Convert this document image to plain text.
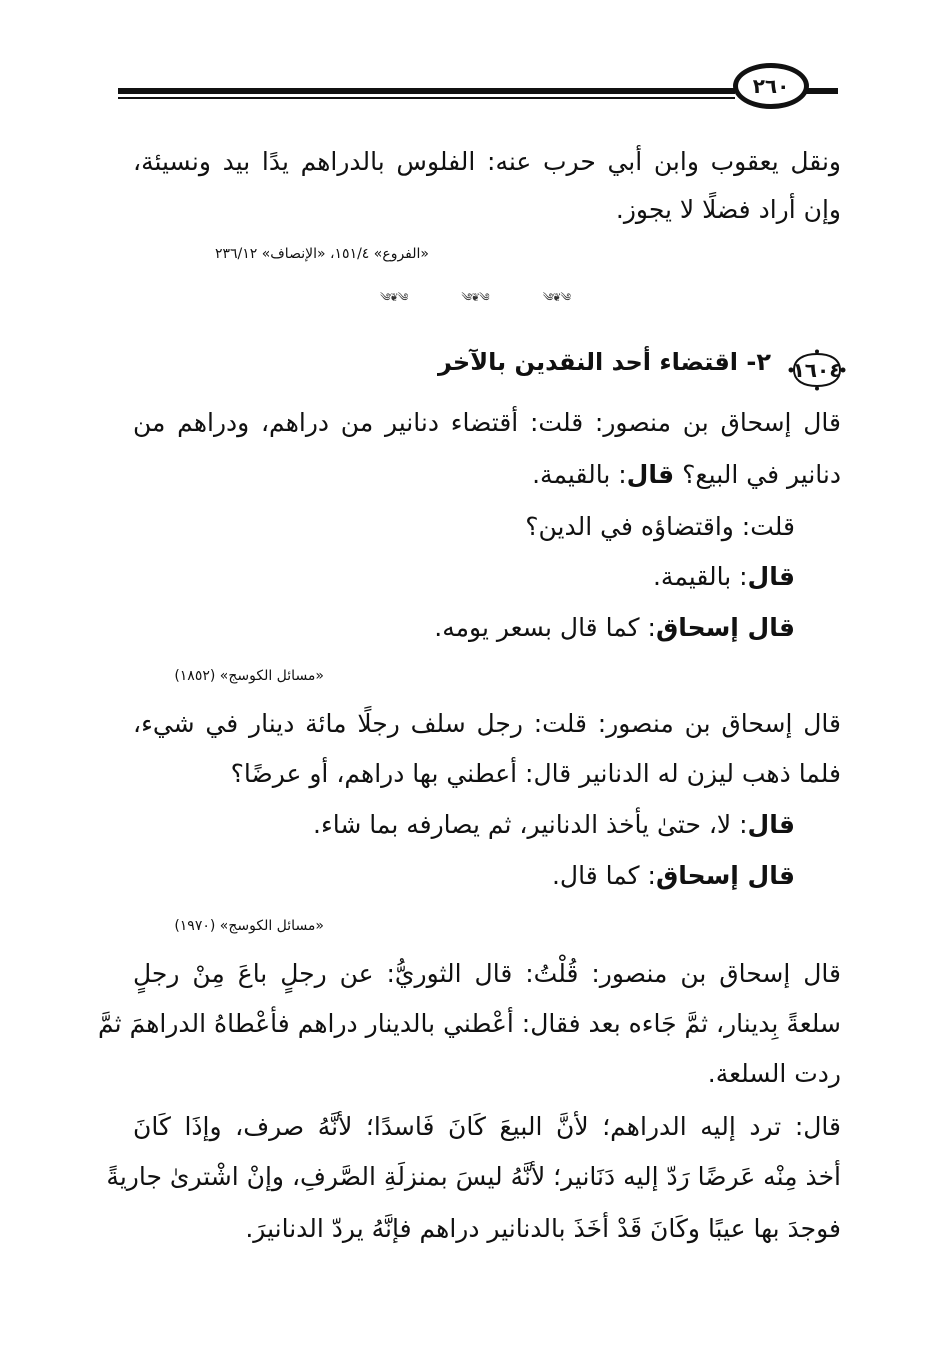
٢٦٠
ونقل يعقوب وابن أبي حرب عنه: الفلوس بالدراهم يدًا بيد ونسيئة،
وإن أراد فضلًا لا يجوز.
«الفروع» ١٥١/٤، «الإنصاف» ٢٣٦/١٢
༄❦༄	༄❦༄	༄❦༄
١٦٠٤
٢- اقتضاء أحد النقدين بالآخر
قال إسحاق بن منصور: قلت: أقتضاء دنانير من دراهم، ودراهم من
دنانير في البيع؟ قال: بالقيمة.
قلت: واقتضاؤه في الدين؟
قال: بالقيمة.
قال إسحاق: كما قال بسعر يومه.
«مسائل الكوسج» (١٨٥٢)
قال إسحاق بن منصور: قلت: رجل سلف رجلًا مائة دينار في شيء،
فلما ذهب ليزن له الدنانير قال: أعطني بها دراهم، أو عرضًا؟
قال: لا، حتىٰ يأخذ الدنانير، ثم يصارفه بما شاء.
قال إسحاق: كما قال.
«مسائل الكوسج» (١٩٧٠)
قال إسحاق بن منصور: قُلْتُ: قال الثوريُّ: عن رجلٍ باعَ مِنْ رجلٍ
سلعةً بِدينار، ثمَّ جَاءه بعد فقال: أعْطني بالدينار دراهم فأعْطاهُ الدراهمَ ثمَّ
ردت السلعة.
قال: ترد إليه الدراهم؛ لأنَّ البيعَ كَانَ فَاسدًا؛ لأنَّهُ صرف، وإذَا كَانَ
أخذ مِنْه عَرضًا رَدّ إليه دَنَانير؛ لأنَّهُ ليسَ بمنزلَةِ الصَّرفِ، وإنْ اشْترىٰ جاريةً
فوجدَ بها عيبًا وكَانَ قَدْ أخَذَ بالدنانير دراهم فإنَّهُ يردّ الدنانيرَ.
